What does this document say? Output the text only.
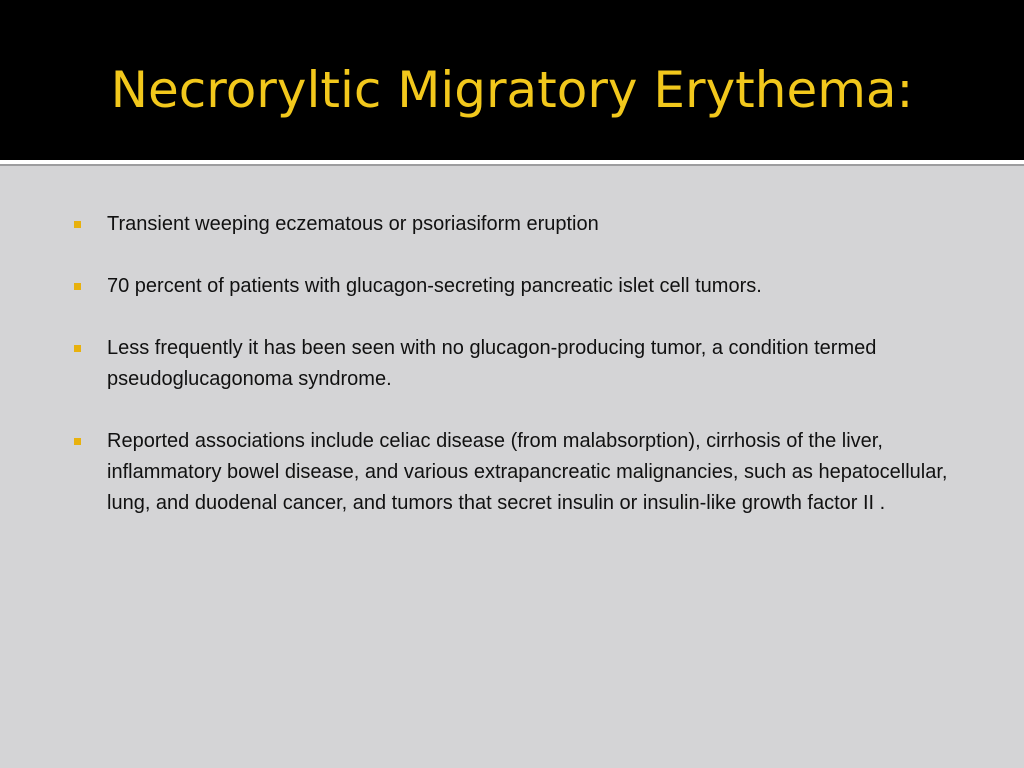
Necroryltic Migratory Erythema:
Transient weeping eczematous or psoriasiform eruption
70 percent of patients with glucagon-secreting pancreatic islet cell tumors.
Less frequently it has been seen with no glucagon-producing tumor, a condition termed pseudoglucagonoma syndrome.
Reported associations include celiac disease (from malabsorption), cirrhosis of the liver, inflammatory bowel disease, and various extrapancreatic malignancies, such as hepatocellular, lung, and duodenal cancer, and tumors that secret insulin or insulin-like growth factor II .
